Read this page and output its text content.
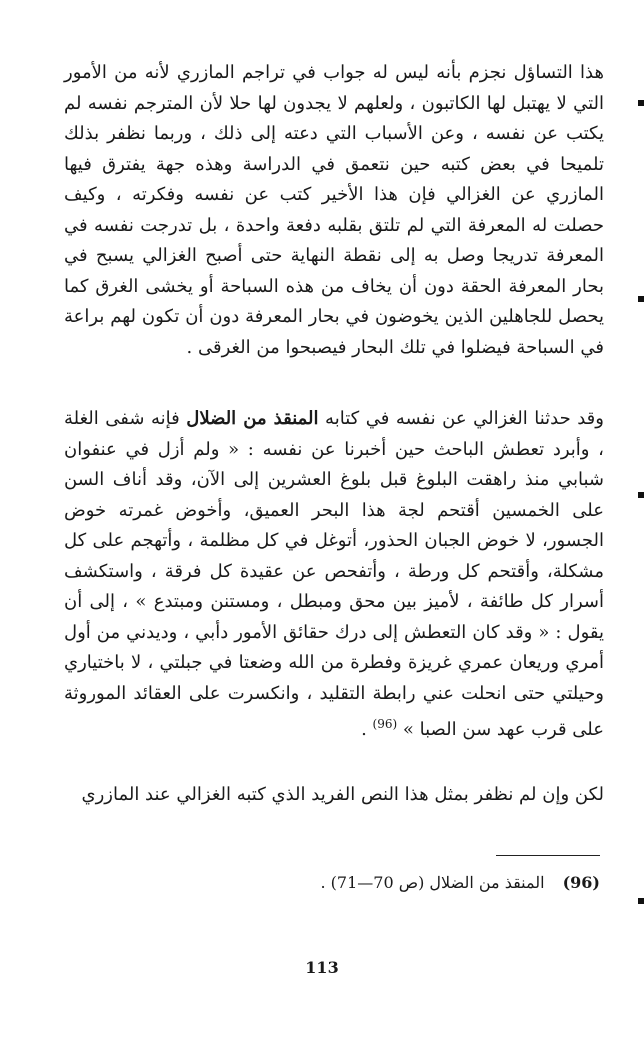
هذا التساؤل نجزم بأنه ليس له جواب في تراجم المازري لأنه من الأمور التي لا يهتبل لها الكاتبون ، ولعلهم لا يجدون لها حلا لأن المترجم نفسه لم يكتب عن نفسه ، وعن الأسباب التي دعته إلى ذلك ، وربما نظفر بذلك تلميحا في بعض كتبه حين نتعمق في الدراسة وهذه جهة يفترق فيها المازري عن الغزالي فإن هذا الأخير كتب عن نفسه وفكرته ، وكيف حصلت له المعرفة التي لم تلتق بقلبه دفعة واحدة ، بل تدرجت نفسه في المعرفة تدريجا وصل به إلى نقطة النهاية حتى أصبح الغزالي يسبح في بحار المعرفة الحقة دون أن يخاف من هذه السباحة أو يخشى الغرق كما يحصل للجاهلين الذين يخوضون في بحار المعرفة دون أن تكون لهم براعة في السباحة فيضلوا في تلك البحار فيصبحوا من الغرقى .

وقد حدثنا الغزالي عن نفسه في كتابه المنقذ من الضلال فإنه شفى الغلة ، وأبرد تعطش الباحث حين أخبرنا عن نفسه : « ولم أزل في عنفوان شبابي منذ راهقت البلوغ قبل بلوغ العشرين إلى الآن، وقد أناف السن على الخمسين أقتحم لجة هذا البحر العميق، وأخوض غمرته خوض الجسور، لا خوض الجبان الحذور، أتوغل في كل مظلمة ، وأتهجم على كل مشكلة، وأقتحم كل ورطة ، وأتفحص عن عقيدة كل فرقة ، واستكشف أسرار كل طائفة ، لأميز بين محق ومبطل ، ومستنن ومبتدع » ، إلى أن يقول : « وقد كان التعطش إلى درك حقائق الأمور دأبي ، وديدني من أول أمري وريعان عمري غريزة وفطرة من الله وضعتا في جبلتي ، لا باختياري وحيلتي حتى انحلت عني رابطة التقليد ، وانكسرت على العقائد الموروثة على قرب عهد سن الصبا » $^{(96)}$ .

لكن وإن لم نظفر بمثل هذا النص الفريد الذي كتبه الغزالي عند المازري

(96)المنقذ من الضلال (ص 70—71) .

113
